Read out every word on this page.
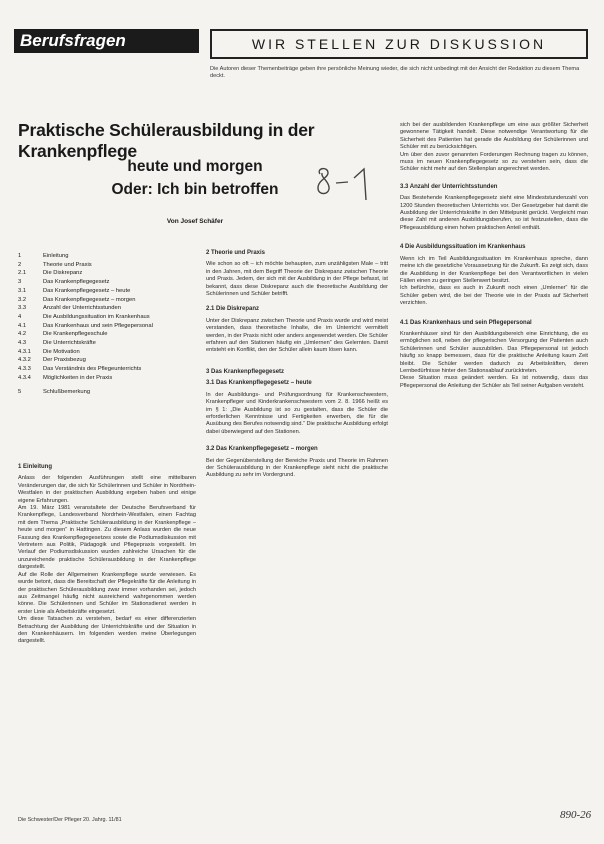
Berufsfragen	WIR STELLEN ZUR DISKUSSION
Die Autoren dieser Themenbeiträge geben ihre persönliche Meinung wieder, die sich nicht unbedingt mit der Ansicht der Redaktion zu diesem Thema deckt.
Praktische Schülerausbildung in der Krankenpflege
heute und morgen
Oder: Ich bin betroffen
Von Josef Schäfer
1	Einleitung
2	Theorie und Praxis
2.1	Die Diskrepanz
3	Das Krankenpflegegesetz
3.1	Das Krankenpflegegesetz – heute
3.2	Das Krankenpflegegesetz – morgen
3.3	Anzahl der Unterrichtsstunden
4	Die Ausbildungssituation im Krankenhaus
4.1	Das Krankenhaus und sein Pflegepersonal
4.2	Die Krankenpflegeschule
4.3	Die Unterrichtskräfte
4.3.1 Die Motivation
4.3.2 Der Praxisbezug
4.3.3 Das Verständnis des Pflegeunterrichts
4.3.4 Möglichkeiten in der Praxis
5	Schlußbemerkung
1 Einleitung

Anlass der folgenden Ausführungen stellt eine mittelbaren Veränderungen dar, die sich für Schülerinnen und Schüler in Nordrhein-Westfalen in der praktischen Ausbildung ergeben haben und einige eigene Erfahrungen.

Am 19. März 1981 veranstaltete der Deutsche Berufsverband für Krankenpflege, Landesverband Nordrhein-Westfalen, einen Fachtag mit dem Thema „Praktische Schülerausbildung in der Krankenpflege – heute und morgen“ in Hattingen. Zu diesem Anlass wurden die neue Fassung des Krankenpflegegesetzes sowie die Podiumsdiskussion mit Vertretern aus Politik, Pädagogik und Pflegepraxis vorgestellt. Im Verlauf der Podiumsdiskussion wurden zahlreiche Ursachen für die unzureichende praktische Schülerausbildung in der Krankenpflege dargestellt.

Auf die Rolle der Allgemeinen Krankenpflege wurde verwiesen. Es wurde betont, dass die Bereitschaft der Pflegekräfte für die Anleitung in der praktischen Schülerausbildung zwar immer vorhanden sei, jedoch aus Zeitmangel häufig nicht ausreichend wahrgenommen werden könne. Die Schülerinnen und Schüler im Stationsdienst werden in erster Linie als Arbeitskräfte eingesetzt.

Um diese Tatsachen zu verstehen, bedarf es einer differenzierten Betrachtung der Ausbildung der Unterrichtskräfte und der Situation in den Krankenhäusern. Im folgenden werden meine Überlegungen dargestellt.

2 Theorie und Praxis

Wie schon so oft – ich möchte behaupten, zum unzähligsten Male – tritt in den Jahren, mit dem Begriff Theorie der Diskrepanz zwischen Theorie und Praxis. Jedem, der sich mit der Ausbildung in der Pflege befasst, ist bekannt, dass diese Diskrepanz auch die theoretische Ausbildung der Schülerinnen und Schüler betrifft.

2.1 Die Diskrepanz

Unter der Diskrepanz zwischen Theorie und Praxis wurde und wird meist verstanden, dass theoretische Inhalte, die im Unterricht vermittelt werden, in der Praxis nicht oder anders angewendet werden. Die Schüler erfahren auf den Stationen häufig ein „Umlernen“ des Gelernten. Damit entsteht ein Konflikt, den der Schüler allein kaum lösen kann.

3 Das Krankenpflegegesetz
3.1 Das Krankenpflegegesetz – heute

In der Ausbildungs- und Prüfungsordnung für Krankenschwestern, Krankenpfleger und Kinderkrankenschwestern vom 2. 8. 1966 heißt es im § 1: „Die Ausbildung ist so zu gestalten, dass die Schüler die erforderlichen Kenntnisse und Fertigkeiten erwerben, die für die Ausübung des Berufes notwendig sind.“ Die praktische Ausbildung erfolgt dabei überwiegend auf den Stationen.

3.2 Das Krankenpflegegesetz – morgen

Bei der Gegenüberstellung der Bereiche Praxis und Theorie im Rahmen der Schülerausbildung in der Krankenpflege sieht nicht die praktische Ausbildung zu sehr im Vordergrund.

sich bei der ausbildenden Krankenpflege um eine aus größter Sicherheit gewonnene Tätigkeit handelt. Diese notwendige Verantwortung für die Sicherheit des Patienten hat gerade die Ausbildung der Schülerinnen und Schüler mit zu berücksichtigen.

Um über den zuvor genannten Forderungen Rechnung tragen zu können, muss im neuen Krankenpflegegesetz so zu verstehen sein, dass die Schüler nicht mehr auf den Stellenplan angerechnet werden.

3.3 Anzahl der Unterrichtsstunden

Das Bestehende Krankenpflegegesetz sieht eine Mindeststundenzahl von 1200 Stunden theoretischen Unterrichts vor. Der Gesetzgeber hat damit die Ausbildung der Unterrichtskräfte in den Mittelpunkt gerückt. Vergleicht man diese Zahl mit anderen Ausbildungsberufen, so ist festzustellen, dass die Pflegeausbildung einen hohen praktischen Anteil enthält.

4 Die Ausbildungssituation im Krankenhaus

Wenn ich im Teil Ausbildungssituation im Krankenhaus spreche, dann meine ich die gesetzliche Voraussetzung für die Zukunft. Es zeigt sich, dass die Ausbildung in der Krankenpflege bei den Verantwortlichen in vielen Fällen einen zu geringen Stellenwert besitzt.

Ich befürchte, dass es auch in Zukunft noch einen „Umlerner“ für die Schüler geben wird, die bei der Theorie wie in der Praxis auf Sicherheit verzichten.

4.1 Das Krankenhaus und sein Pflegepersonal

Krankenhäuser sind für den Ausbildungsbereich eine Einrichtung, die es ermöglichen soll, neben der pflegerischen Versorgung der Patienten auch Schülerinnen und Schüler auszubilden. Das Pflegepersonal ist jedoch häufig so knapp bemessen, dass für die praktische Anleitung kaum Zeit bleibt. Die Schüler werden dadurch zu Arbeitskräften, deren Lernbedürfnisse hinter den Stationsablauf zurücktreten.

Diese Situation muss geändert werden. Es ist notwendig, dass das Pflegepersonal die Anleitung der Schüler als Teil seiner Aufgaben versteht.

Die Schwester/Der Pfleger 20. Jahrg. 11/81	890-26
